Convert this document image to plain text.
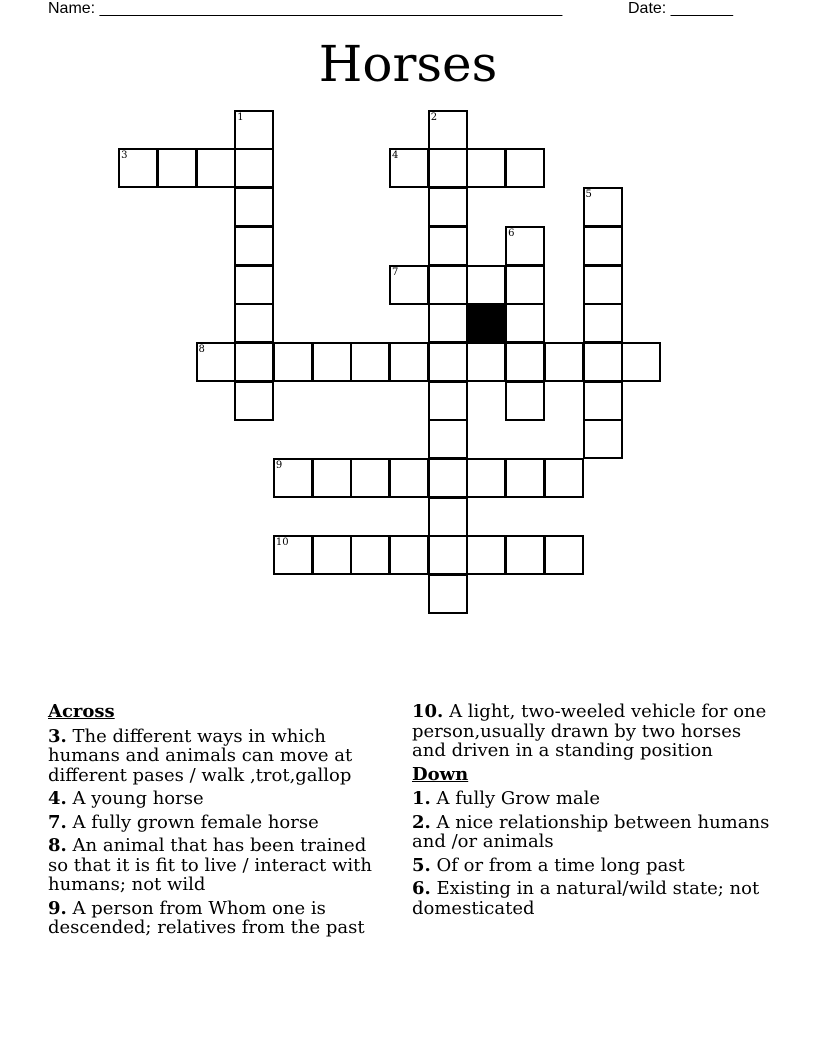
Name: ____________________________________________________	Date: _______
Horses
1	2
3	4
5
6
7
8
9
10
Across
3. The different ways in which humans and animals can move at different pases / walk ,trot,gallop
4. A young horse
7. A fully grown female horse
8. An animal that has been trained so that it is fit to live / interact with humans; not wild
9. A person from Whom one is descended; relatives from the past
10. A light, two-weeled vehicle for one person,usually drawn by two horses and driven in a standing position
Down
1. A fully Grow male
2. A nice relationship between humans and /or animals
5. Of or from a time long past
6. Existing in a natural/wild state; not domesticated
